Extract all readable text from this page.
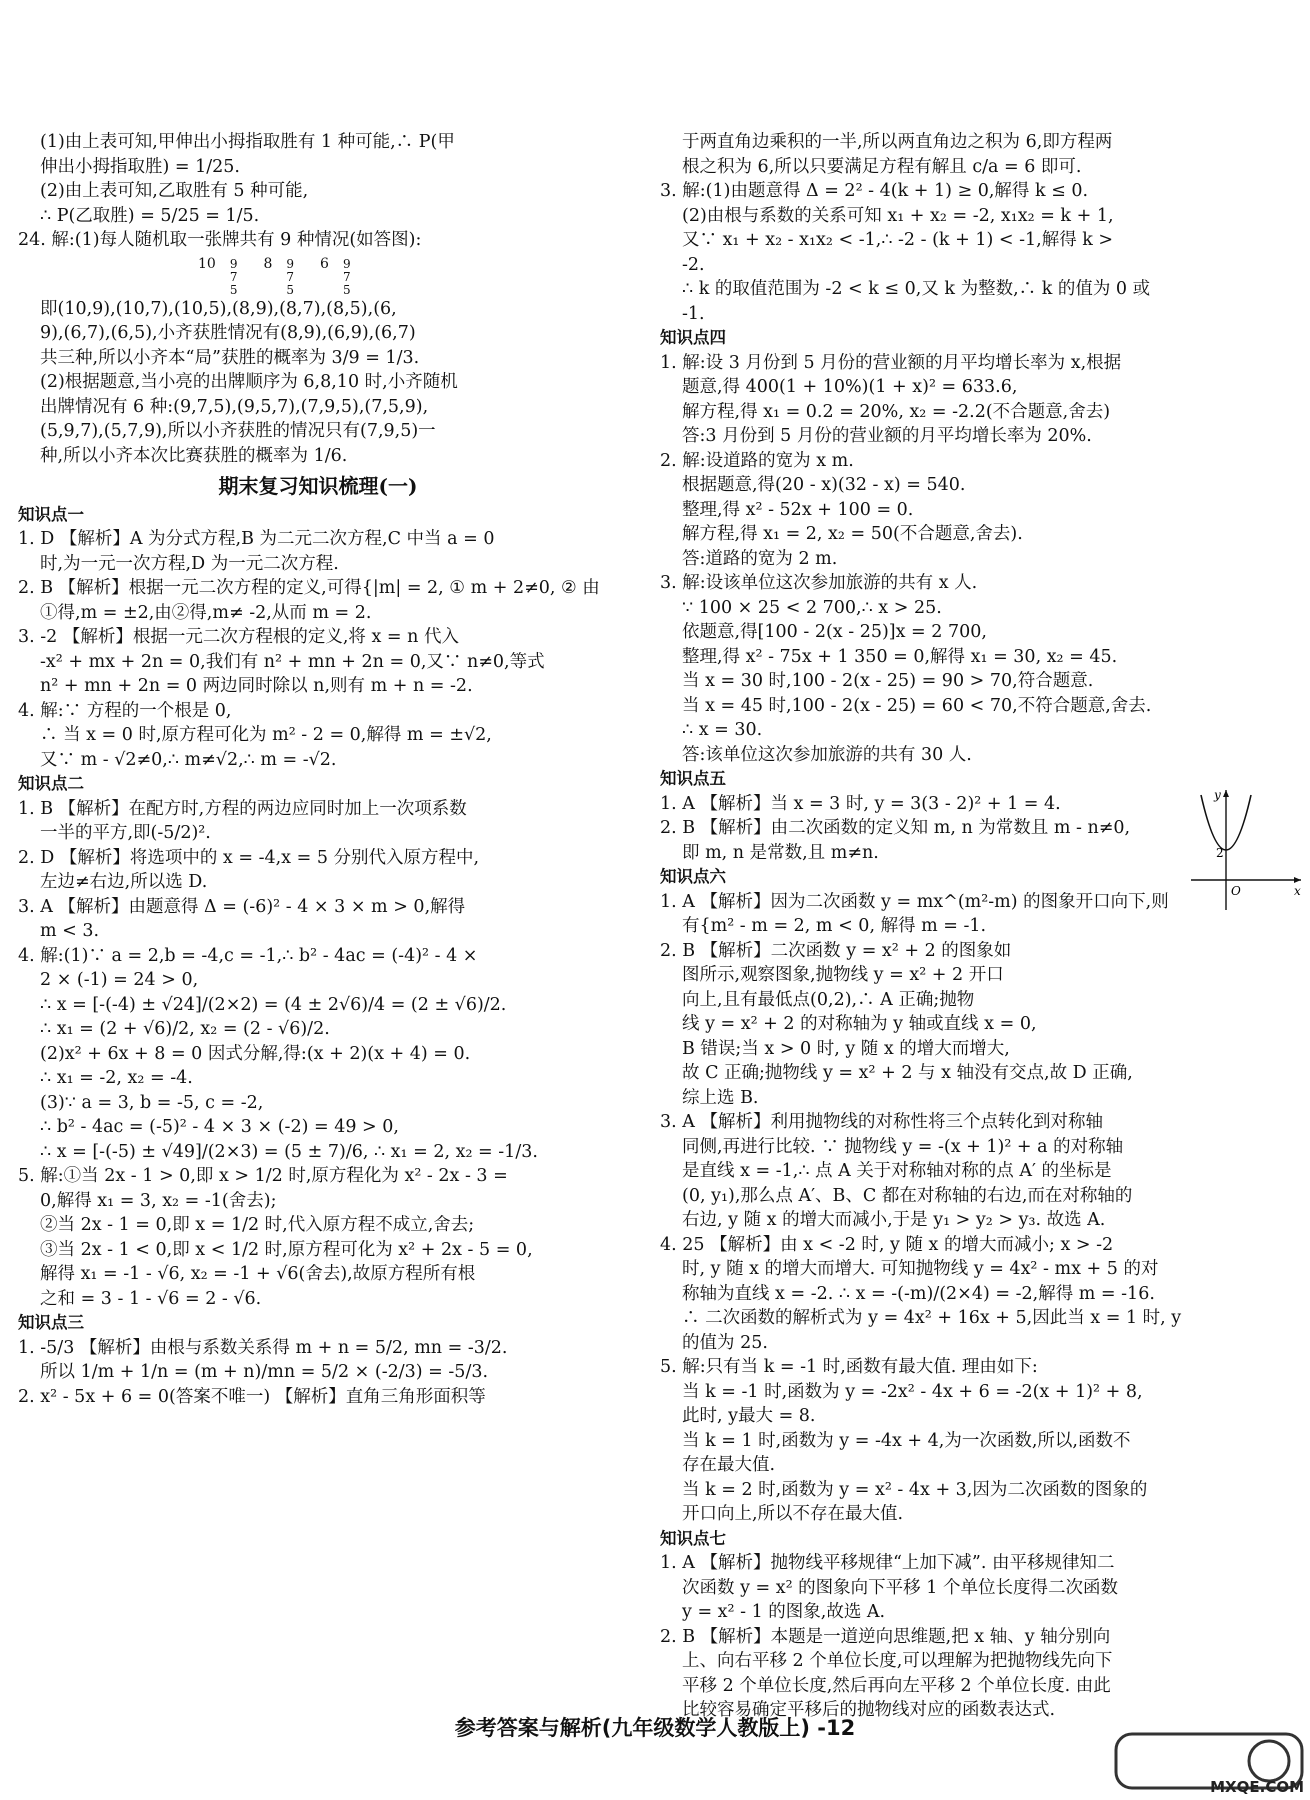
(1)由上表可知,甲伸出小拇指取胜有 1 种可能,∴ P(甲
伸出小拇指取胜) = 1/25.
(2)由上表可知,乙取胜有 5 种可能,
∴ P(乙取胜) = 5/25 = 1/5.
24. 解:(1)每人随机取一张牌共有 9 种情况(如答图):
10 9
7
5
8 9
7
5
6 9
7
5
即(10,9),(10,7),(10,5),(8,9),(8,7),(8,5),(6,
9),(6,7),(6,5),小齐获胜情况有(8,9),(6,9),(6,7)
共三种,所以小齐本“局”获胜的概率为 3/9 = 1/3.
(2)根据题意,当小亮的出牌顺序为 6,8,10 时,小齐随机
出牌情况有 6 种:(9,7,5),(9,5,7),(7,9,5),(7,5,9),
(5,9,7),(5,7,9),所以小齐获胜的情况只有(7,9,5)一
种,所以小齐本次比赛获胜的概率为 1/6.
期末复习知识梳理(一)
知识点一
1. D 【解析】A 为分式方程,B 为二元二次方程,C 中当 a = 0
时,为一元一次方程,D 为一元二次方程.
2. B 【解析】根据一元二次方程的定义,可得{|m| = 2, ① m + 2≠0, ② 由
①得,m = ±2,由②得,m≠ -2,从而 m = 2.
3. -2 【解析】根据一元二次方程根的定义,将 x = n 代入
-x² + mx + 2n = 0,我们有 n² + mn + 2n = 0,又∵ n≠0,等式
n² + mn + 2n = 0 两边同时除以 n,则有 m + n = -2.
4. 解:∵ 方程的一个根是 0,
∴ 当 x = 0 时,原方程可化为 m² - 2 = 0,解得 m = ±√2,
又∵ m - √2≠0,∴ m≠√2,∴ m = -√2.
知识点二
1. B 【解析】在配方时,方程的两边应同时加上一次项系数
一半的平方,即(-5/2)².
2. D 【解析】将选项中的 x = -4,x = 5 分别代入原方程中,
左边≠右边,所以选 D.
3. A 【解析】由题意得 Δ = (-6)² - 4 × 3 × m > 0,解得
m < 3.
4. 解:(1)∵ a = 2,b = -4,c = -1,∴ b² - 4ac = (-4)² - 4 ×
2 × (-1) = 24 > 0,
∴ x = [-(-4) ± √24]/(2×2) = (4 ± 2√6)/4 = (2 ± √6)/2.
∴ x₁ = (2 + √6)/2, x₂ = (2 - √6)/2.
(2)x² + 6x + 8 = 0 因式分解,得:(x + 2)(x + 4) = 0.
∴ x₁ = -2, x₂ = -4.
(3)∵ a = 3, b = -5, c = -2,
∴ b² - 4ac = (-5)² - 4 × 3 × (-2) = 49 > 0,
∴ x = [-(-5) ± √49]/(2×3) = (5 ± 7)/6, ∴ x₁ = 2, x₂ = -1/3.
5. 解:①当 2x - 1 > 0,即 x > 1/2 时,原方程化为 x² - 2x - 3 =
0,解得 x₁ = 3, x₂ = -1(舍去);
②当 2x - 1 = 0,即 x = 1/2 时,代入原方程不成立,舍去;
③当 2x - 1 < 0,即 x < 1/2 时,原方程可化为 x² + 2x - 5 = 0,
解得 x₁ = -1 - √6, x₂ = -1 + √6(舍去),故原方程所有根
之和 = 3 - 1 - √6 = 2 - √6.
知识点三
1. -5/3 【解析】由根与系数关系得 m + n = 5/2, mn = -3/2.
所以 1/m + 1/n = (m + n)/mn = 5/2 × (-2/3) = -5/3.
2. x² - 5x + 6 = 0(答案不唯一) 【解析】直角三角形面积等
于两直角边乘积的一半,所以两直角边之积为 6,即方程两
根之积为 6,所以只要满足方程有解且 c/a = 6 即可.
3. 解:(1)由题意得 Δ = 2² - 4(k + 1) ≥ 0,解得 k ≤ 0.
(2)由根与系数的关系可知 x₁ + x₂ = -2, x₁x₂ = k + 1,
又∵ x₁ + x₂ - x₁x₂ < -1,∴ -2 - (k + 1) < -1,解得 k >
-2.
∴ k 的取值范围为 -2 < k ≤ 0,又 k 为整数,∴ k 的值为 0 或
-1.
知识点四
1. 解:设 3 月份到 5 月份的营业额的月平均增长率为 x,根据
题意,得 400(1 + 10%)(1 + x)² = 633.6,
解方程,得 x₁ = 0.2 = 20%, x₂ = -2.2(不合题意,舍去)
答:3 月份到 5 月份的营业额的月平均增长率为 20%.
2. 解:设道路的宽为 x m.
根据题意,得(20 - x)(32 - x) = 540.
整理,得 x² - 52x + 100 = 0.
解方程,得 x₁ = 2, x₂ = 50(不合题意,舍去).
答:道路的宽为 2 m.
3. 解:设该单位这次参加旅游的共有 x 人.
∵ 100 × 25 < 2 700,∴ x > 25.
依题意,得[100 - 2(x - 25)]x = 2 700,
整理,得 x² - 75x + 1 350 = 0,解得 x₁ = 30, x₂ = 45.
当 x = 30 时,100 - 2(x - 25) = 90 > 70,符合题意.
当 x = 45 时,100 - 2(x - 25) = 60 < 70,不符合题意,舍去.
∴ x = 30.
答:该单位这次参加旅游的共有 30 人.
知识点五
1. A 【解析】当 x = 3 时, y = 3(3 - 2)² + 1 = 4.
2. B 【解析】由二次函数的定义知 m, n 为常数且 m - n≠0,
即 m, n 是常数,且 m≠n.
知识点六
1. A 【解析】因为二次函数 y = mx^(m²-m) 的图象开口向下,则
有{m² - m = 2, m < 0, 解得 m = -1.
2. B 【解析】二次函数 y = x² + 2 的图象如
图所示,观察图象,抛物线 y = x² + 2 开口
向上,且有最低点(0,2),∴ A 正确;抛物
线 y = x² + 2 的对称轴为 y 轴或直线 x = 0,
B 错误;当 x > 0 时, y 随 x 的增大而增大,
故 C 正确;抛物线 y = x² + 2 与 x 轴没有交点,故 D 正确,
综上选 B.
3. A 【解析】利用抛物线的对称性将三个点转化到对称轴
同侧,再进行比较. ∵ 抛物线 y = -(x + 1)² + a 的对称轴
是直线 x = -1,∴ 点 A 关于对称轴对称的点 A′ 的坐标是
(0, y₁),那么点 A′、B、C 都在对称轴的右边,而在对称轴的
右边, y 随 x 的增大而减小,于是 y₁ > y₂ > y₃. 故选 A.
4. 25 【解析】由 x < -2 时, y 随 x 的增大而减小; x > -2
时, y 随 x 的增大而增大. 可知抛物线 y = 4x² - mx + 5 的对
称轴为直线 x = -2. ∴ x = -(-m)/(2×4) = -2,解得 m = -16.
∴ 二次函数的解析式为 y = 4x² + 16x + 5,因此当 x = 1 时, y
的值为 25.
5. 解:只有当 k = -1 时,函数有最大值. 理由如下:
当 k = -1 时,函数为 y = -2x² - 4x + 6 = -2(x + 1)² + 8,
此时, y最大 = 8.
当 k = 1 时,函数为 y = -4x + 4,为一次函数,所以,函数不
存在最大值.
当 k = 2 时,函数为 y = x² - 4x + 3,因为二次函数的图象的
开口向上,所以不存在最大值.
知识点七
1. A 【解析】抛物线平移规律“上加下减”. 由平移规律知二
次函数 y = x² 的图象向下平移 1 个单位长度得二次函数
y = x² - 1 的图象,故选 A.
2. B 【解析】本题是一道逆向思维题,把 x 轴、y 轴分别向
上、向右平移 2 个单位长度,可以理解为把抛物线先向下
平移 2 个单位长度,然后再向左平移 2 个单位长度. 由此
比较容易确定平移后的抛物线对应的函数表达式.
y
x
O
2
参考答案与解析(九年级数学人教版上) -12
MXQE.COM
